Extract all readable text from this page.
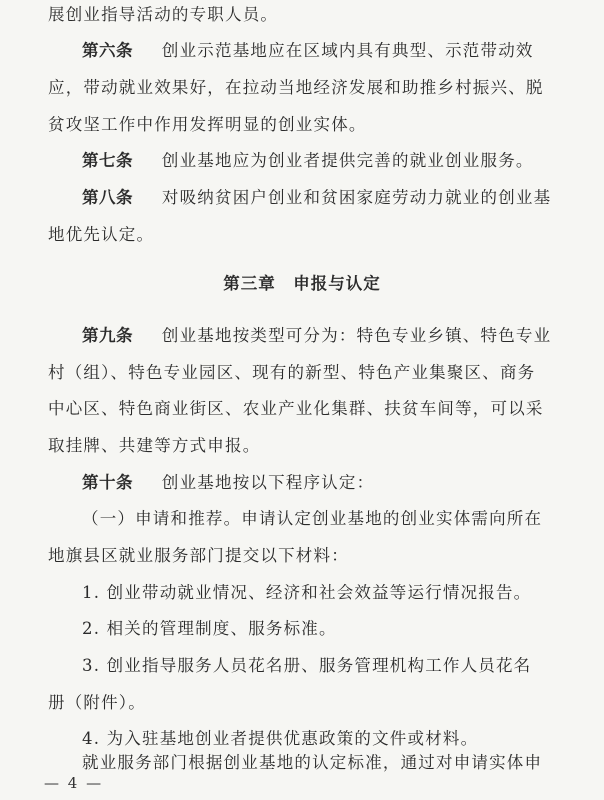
展创业指导活动的专职人员。
第六条 创业示范基地应在区域内具有典型、示范带动效
应，带动就业效果好，在拉动当地经济发展和助推乡村振兴、脱
贫攻坚工作中作用发挥明显的创业实体。
第七条 创业基地应为创业者提供完善的就业创业服务。
第八条 对吸纳贫困户创业和贫困家庭劳动力就业的创业基
地优先认定。
第三章　申报与认定
第九条 创业基地按类型可分为：特色专业乡镇、特色专业
村（组）、特色专业园区、现有的新型、特色产业集聚区、商务
中心区、特色商业街区、农业产业化集群、扶贫车间等，可以采
取挂牌、共建等方式申报。
第十条 创业基地按以下程序认定：
（一）申请和推荐。申请认定创业基地的创业实体需向所在
地旗县区就业服务部门提交以下材料：
1. 创业带动就业情况、经济和社会效益等运行情况报告。
2. 相关的管理制度、服务标准。
3. 创业指导服务人员花名册、服务管理机构工作人员花名
册（附件）。
4. 为入驻基地创业者提供优惠政策的文件或材料。
就业服务部门根据创业基地的认定标准，通过对申请实体申
— 4 —
